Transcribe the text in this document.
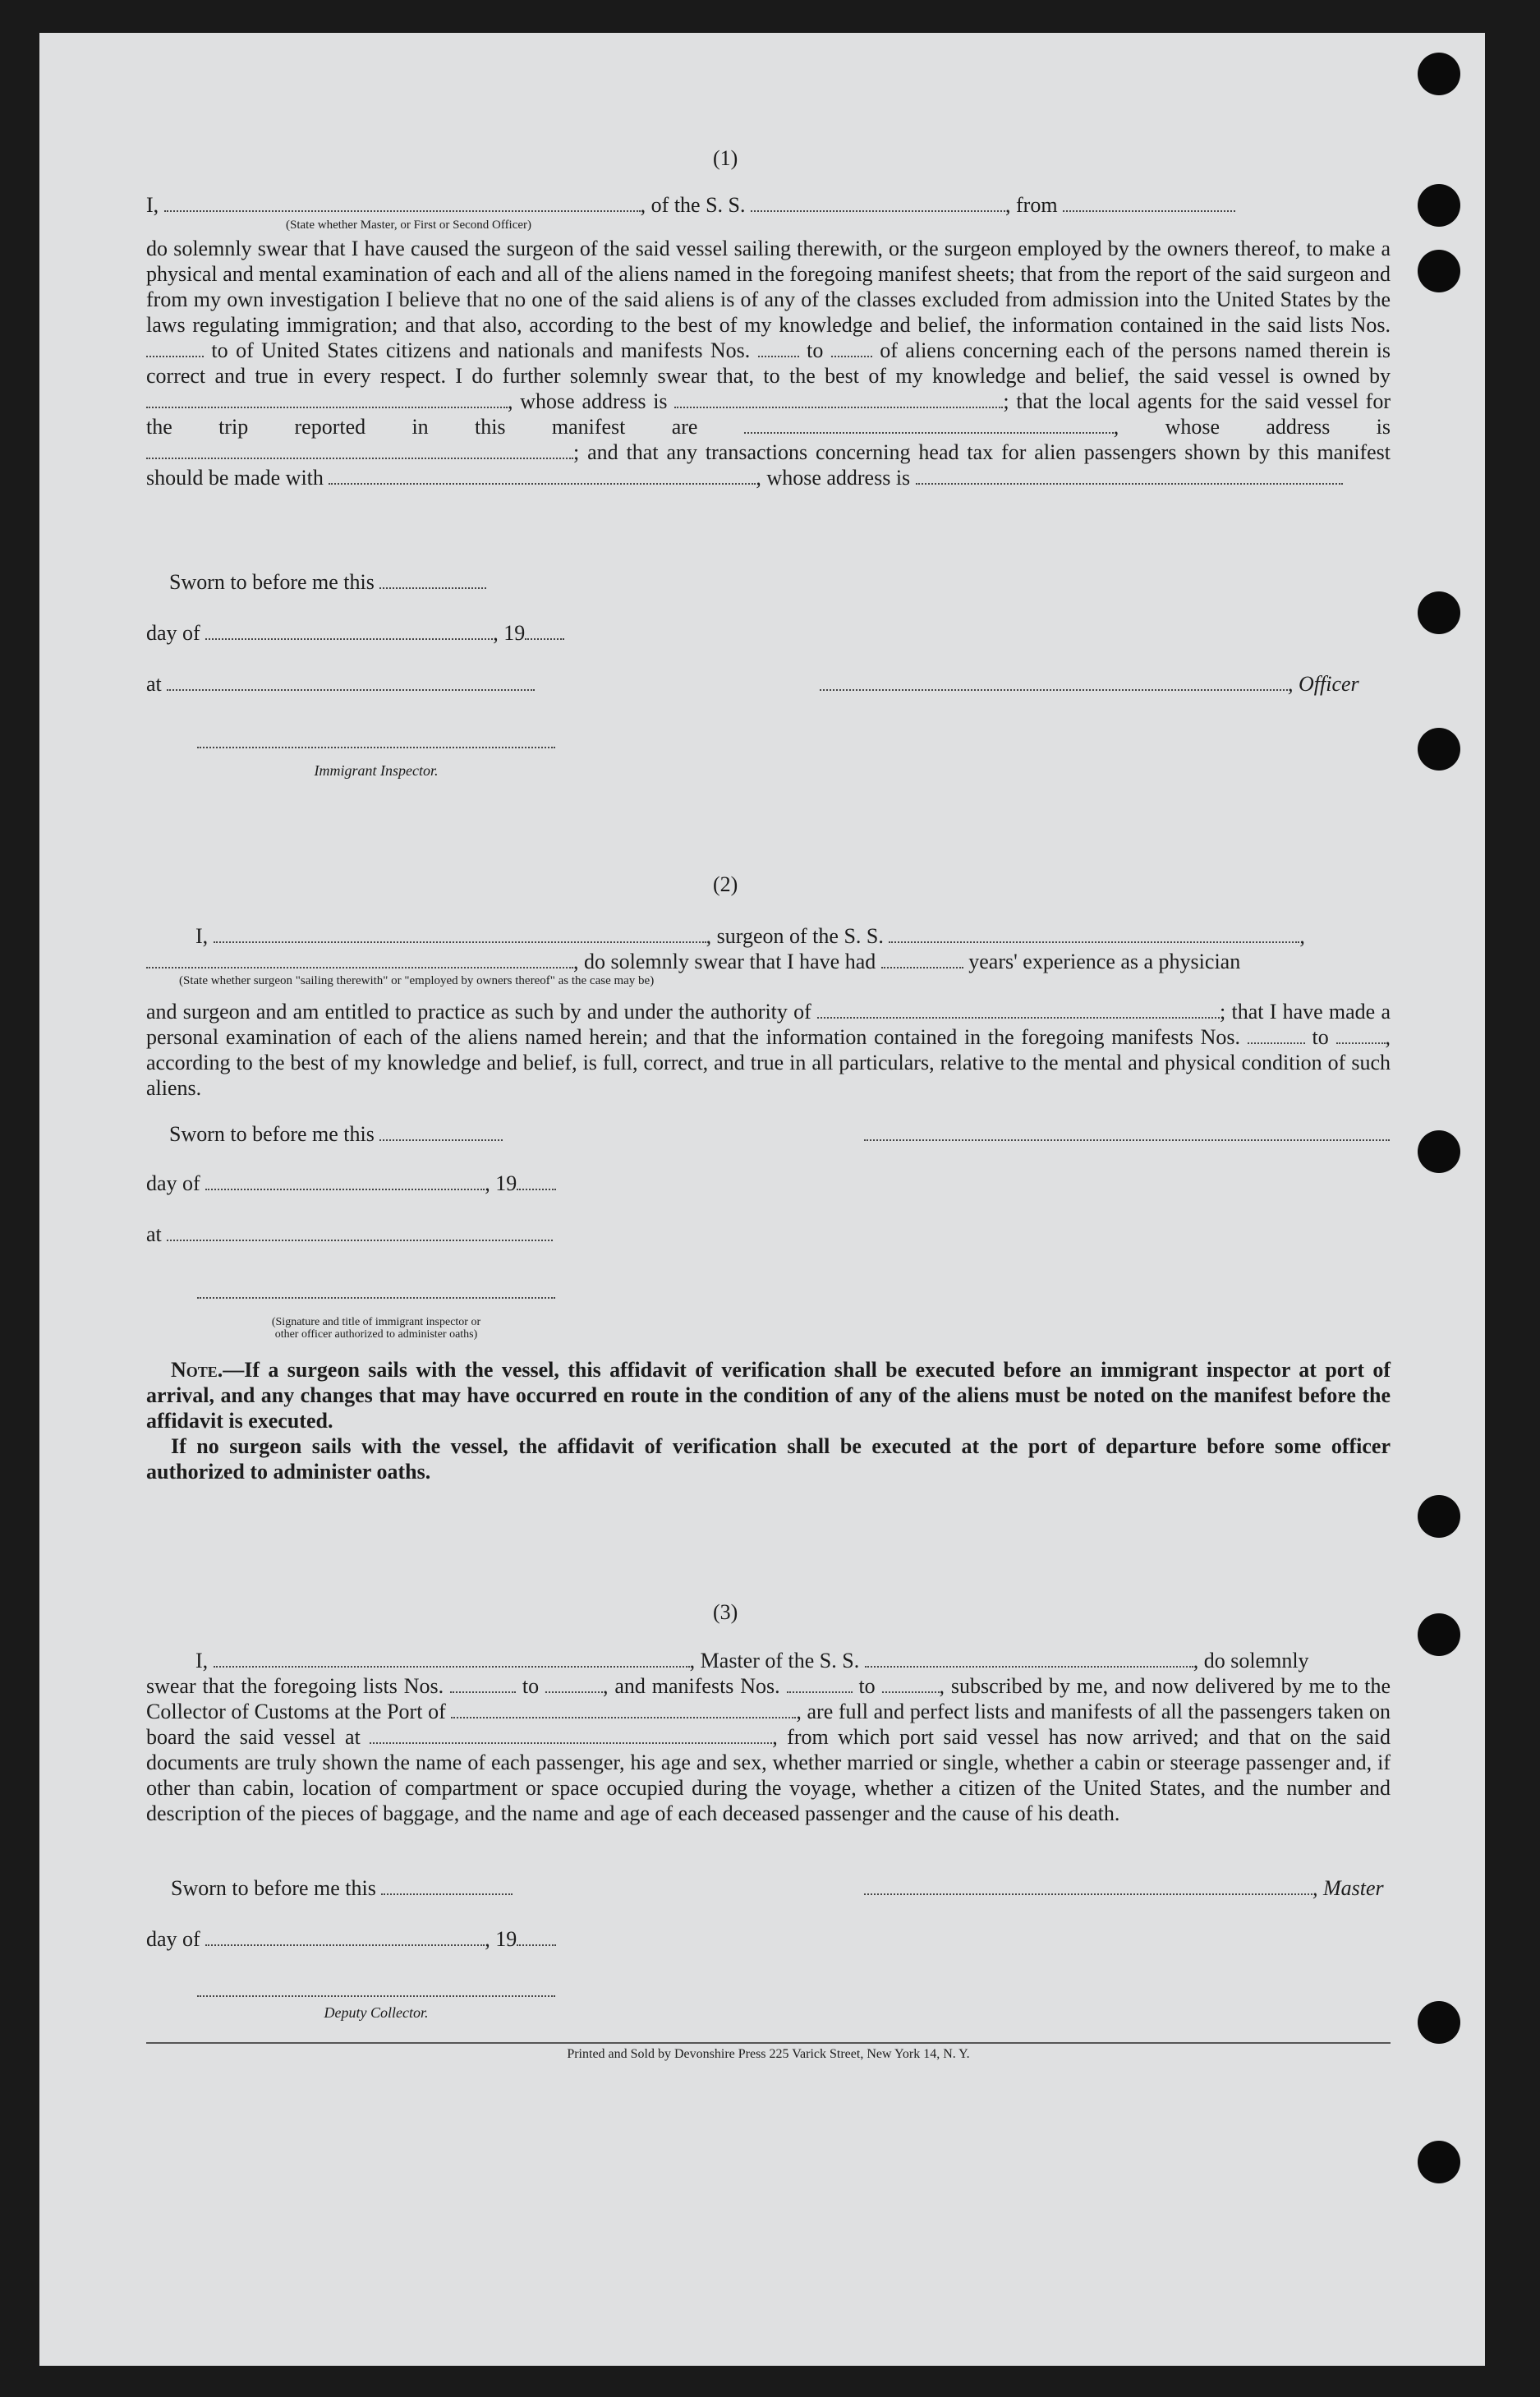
(1)

I,	, of the S. S.	, from

(State whether Master, or First or Second Officer)

do solemnly swear that I have caused the surgeon of the said vessel sailing therewith, or the surgeon employed by the owners thereof, to make a physical and mental examination of each and all of the aliens named in the foregoing manifest sheets; that from the report of the said surgeon and from my own investigation I believe that no one of the said aliens is of any of the classes excluded from admission into the United States by the laws regulating immigration; and that also, according to the best of my knowledge and belief, the information contained in the said lists Nos.  to of United States citizens and nationals and manifests Nos.	to	of aliens concerning each of the persons named therein is correct and true in every respect. I do further solemnly swear that, to the best of my knowledge and belief, the said vessel is owned by , whose address is	; that the local agents for the said vessel for the trip reported in this manifest are	, whose address is ; and that any transactions concerning head tax for alien passengers shown by this manifest should be made with	, whose address is

Sworn to before me this
day of	, 19
at	, Officer
Immigrant Inspector.
(2)

I,	, surgeon of the S. S.	,

, do solemnly swear that I have had	years' experience as a physician

(State whether surgeon "sailing therewith" or "employed by owners thereof" as the case may be)

and surgeon and am entitled to practice as such by and under the authority of	; that I have made a personal examination of each of the aliens named herein; and that the information contained in the foregoing manifests Nos.	to	, according to the best of my knowledge and belief, is full, correct, and true in all particulars, relative to the mental and physical condition of such aliens.

Sworn to before me this
day of	, 19
at
(Signature and title of immigrant inspector or
other officer authorized to administer oaths)

Note.—If a surgeon sails with the vessel, this affidavit of verification shall be executed before an immigrant inspector at port of arrival, and any changes that may have occurred en route in the condition of any of the aliens must be noted on the manifest before the affidavit is executed.

If no surgeon sails with the vessel, the affidavit of verification shall be executed at the port of departure before some officer authorized to administer oaths.

(3)

I,	, Master of the S. S.	, do solemnly

swear that the foregoing lists Nos.	to	, and manifests Nos.	to	, subscribed by me, and now delivered by me to the Collector of Customs at the Port of	, are full and perfect lists and manifests of all the passengers taken on board the said vessel at	, from which port said vessel has now arrived; and that on the said documents are truly shown the name of each passenger, his age and sex, whether married or single, whether a cabin or steerage passenger and, if other than cabin, location of compartment or space occupied during the voyage, whether a citizen of the United States, and the number and description of the pieces of baggage, and the name and age of each deceased passenger and the cause of his death.

Sworn to before me this	, Master
day of	, 19
Deputy Collector.
Printed and Sold by Devonshire Press 225 Varick Street, New York 14, N. Y.
